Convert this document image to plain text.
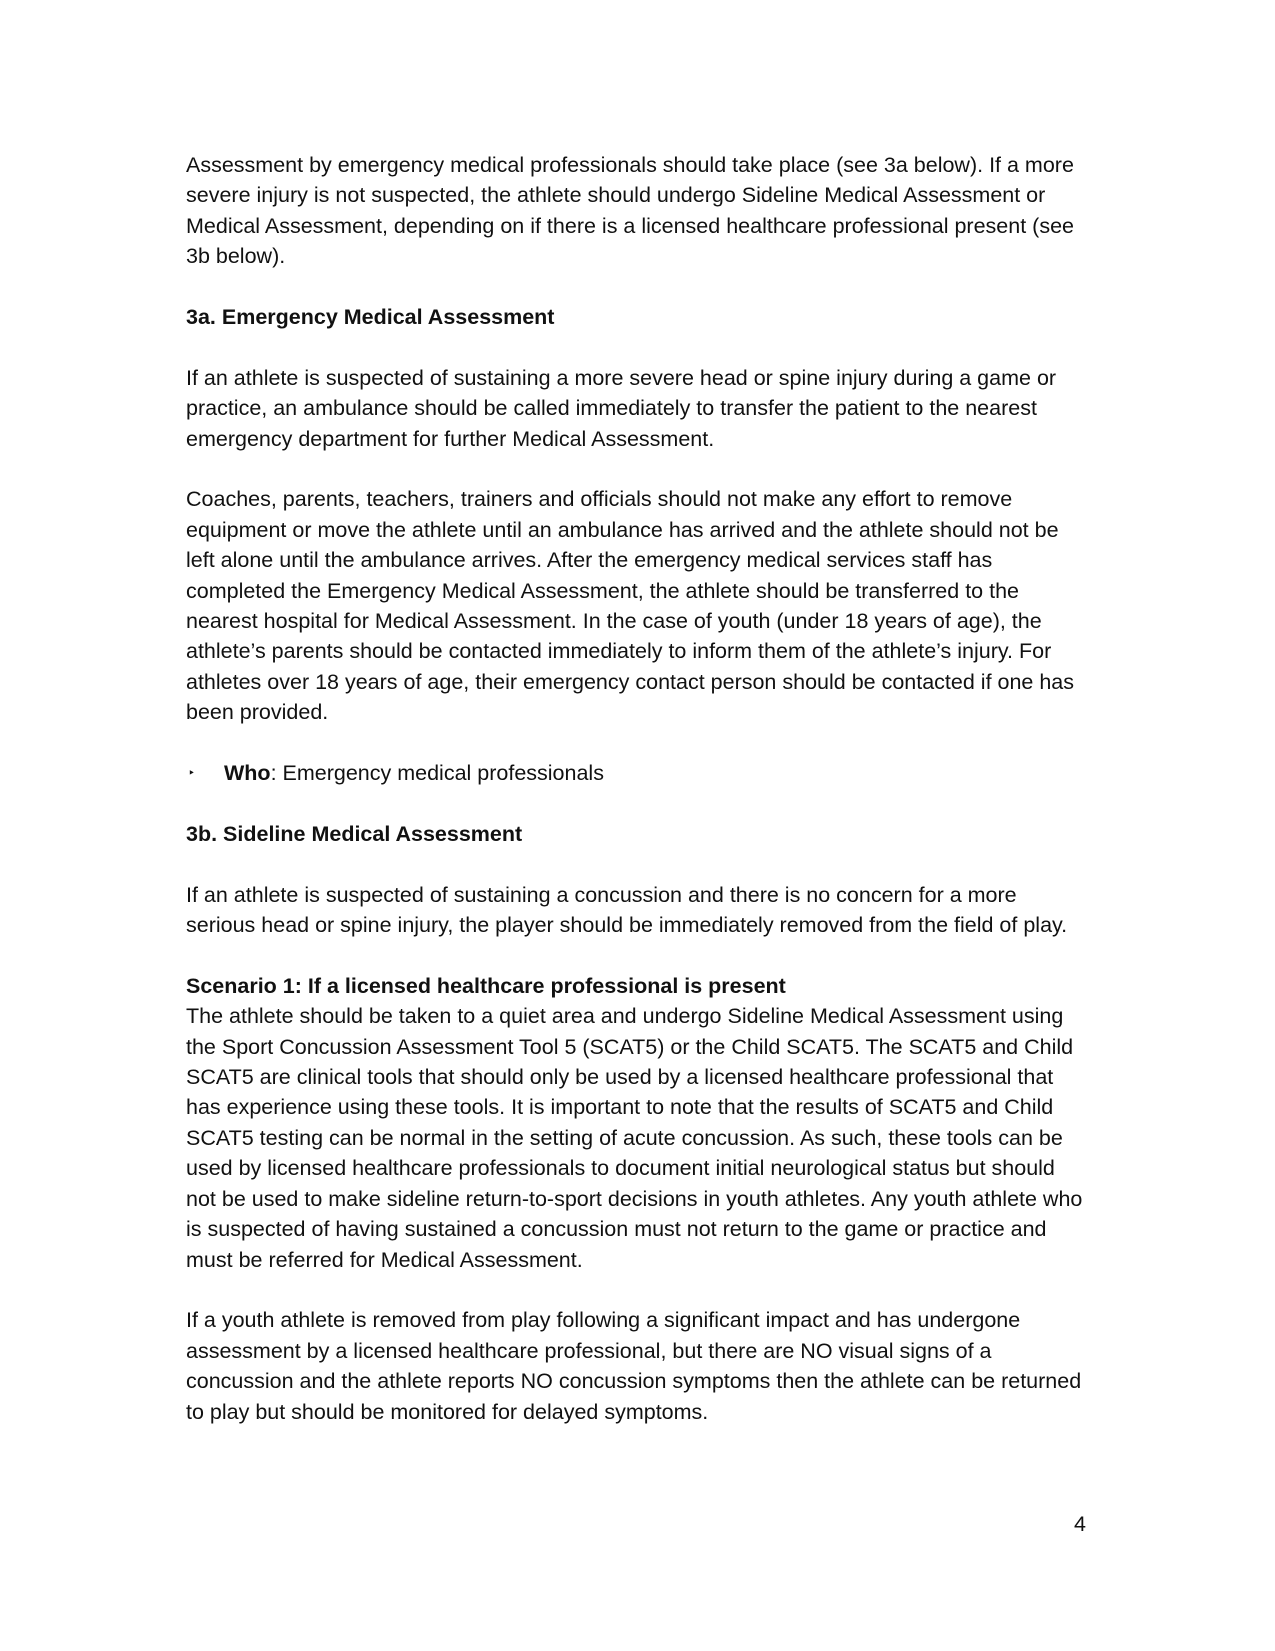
Assessment by emergency medical professionals should take place (see 3a below). If a more severe injury is not suspected, the athlete should undergo Sideline Medical Assessment or Medical Assessment, depending on if there is a licensed healthcare professional present (see 3b below).

3a. Emergency Medical Assessment

If an athlete is suspected of sustaining a more severe head or spine injury during a game or practice, an ambulance should be called immediately to transfer the patient to the nearest emergency department for further Medical Assessment.

Coaches, parents, teachers, trainers and officials should not make any effort to remove equipment or move the athlete until an ambulance has arrived and the athlete should not be left alone until the ambulance arrives. After the emergency medical services staff has completed the Emergency Medical Assessment, the athlete should be transferred to the nearest hospital for Medical Assessment. In the case of youth (under 18 years of age), the athlete’s parents should be contacted immediately to inform them of the athlete’s injury. For athletes over 18 years of age, their emergency contact person should be contacted if one has been provided.

‣ Who: Emergency medical professionals

3b. Sideline Medical Assessment

If an athlete is suspected of sustaining a concussion and there is no concern for a more serious head or spine injury, the player should be immediately removed from the field of play.

Scenario 1: If a licensed healthcare professional is present

The athlete should be taken to a quiet area and undergo Sideline Medical Assessment using the Sport Concussion Assessment Tool 5 (SCAT5) or the Child SCAT5. The SCAT5 and Child SCAT5 are clinical tools that should only be used by a licensed healthcare professional that has experience using these tools. It is important to note that the results of SCAT5 and Child SCAT5 testing can be normal in the setting of acute concussion. As such, these tools can be used by licensed healthcare professionals to document initial neurological status but should not be used to make sideline return-to-sport decisions in youth athletes. Any youth athlete who is suspected of having sustained a concussion must not return to the game or practice and must be referred for Medical Assessment.

If a youth athlete is removed from play following a significant impact and has undergone assessment by a licensed healthcare professional, but there are NO visual signs of a concussion and the athlete reports NO concussion symptoms then the athlete can be returned to play but should be monitored for delayed symptoms.

4
